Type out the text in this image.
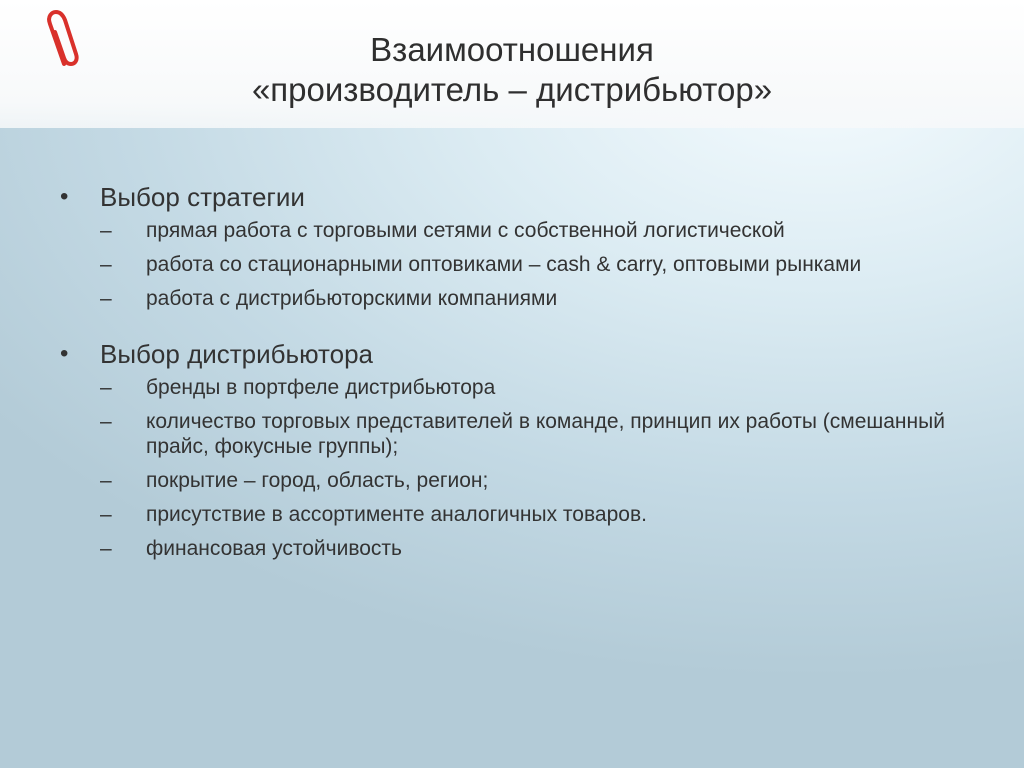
Взаимоотношения
«производитель – дистрибьютор»
• Выбор стратегии
– прямая работа с торговыми сетями с собственной логистической
– работа со стационарными оптовиками – cash & carry, оптовыми рынками
– работа с дистрибьюторскими компаниями
• Выбор дистрибьютора
– бренды в портфеле дистрибьютора
– количество торговых представителей в команде, принцип их работы (смешанный прайс, фокусные группы);
– покрытие – город, область, регион;
– присутствие в ассортименте аналогичных товаров.
– финансовая устойчивость
